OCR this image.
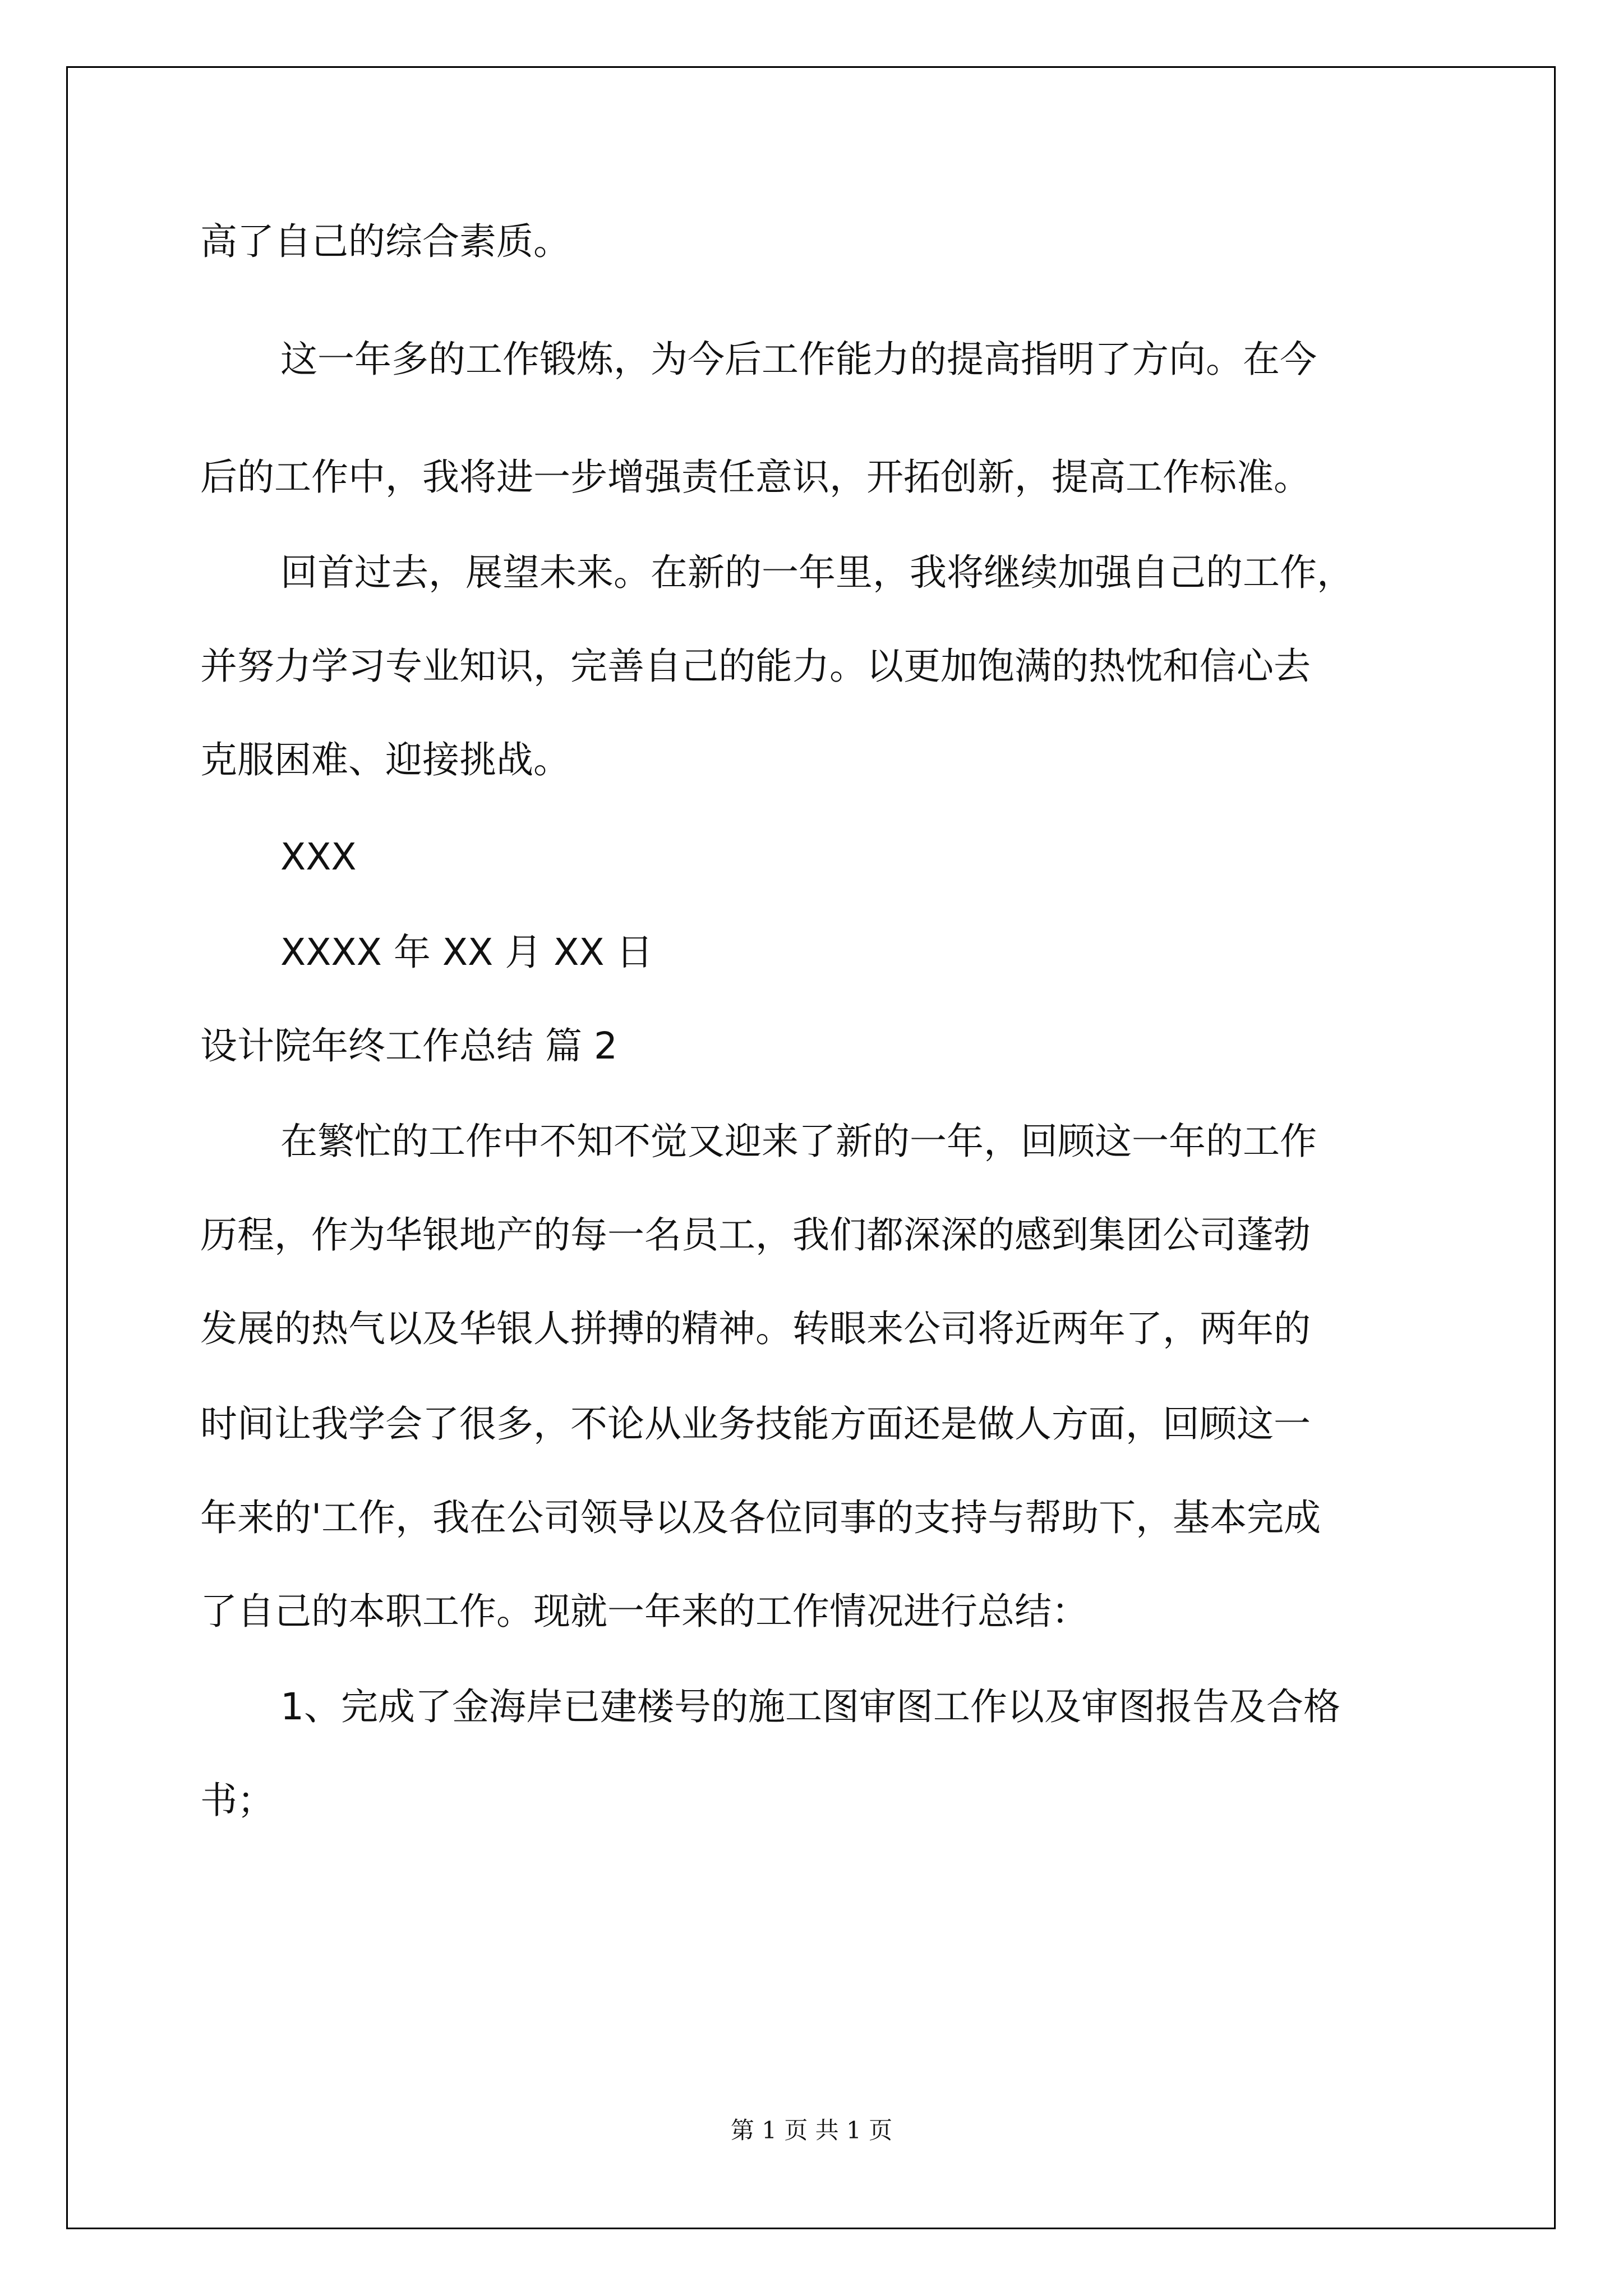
高了自己的综合素质。
这一年多的工作锻炼，为今后工作能力的提高指明了方向。在今
后的工作中，我将进一步增强责任意识，开拓创新，提高工作标准。
回首过去，展望未来。在新的一年里，我将继续加强自己的工作，
并努力学习专业知识，完善自己的能力。以更加饱满的热忱和信心去
克服困难、迎接挑战。
XXX
XXXX 年 XX 月 XX 日
设计院年终工作总结 篇 2
在繁忙的工作中不知不觉又迎来了新的一年，回顾这一年的工作
历程，作为华银地产的每一名员工，我们都深深的感到集团公司蓬勃
发展的热气以及华银人拼搏的精神。转眼来公司将近两年了，两年的
时间让我学会了很多，不论从业务技能方面还是做人方面，回顾这一
年来的'工作，我在公司领导以及各位同事的支持与帮助下，基本完成
了自己的本职工作。现就一年来的工作情况进行总结：
1、完成了金海岸已建楼号的施工图审图工作以及审图报告及合格
书；
第 1 页 共 1 页
